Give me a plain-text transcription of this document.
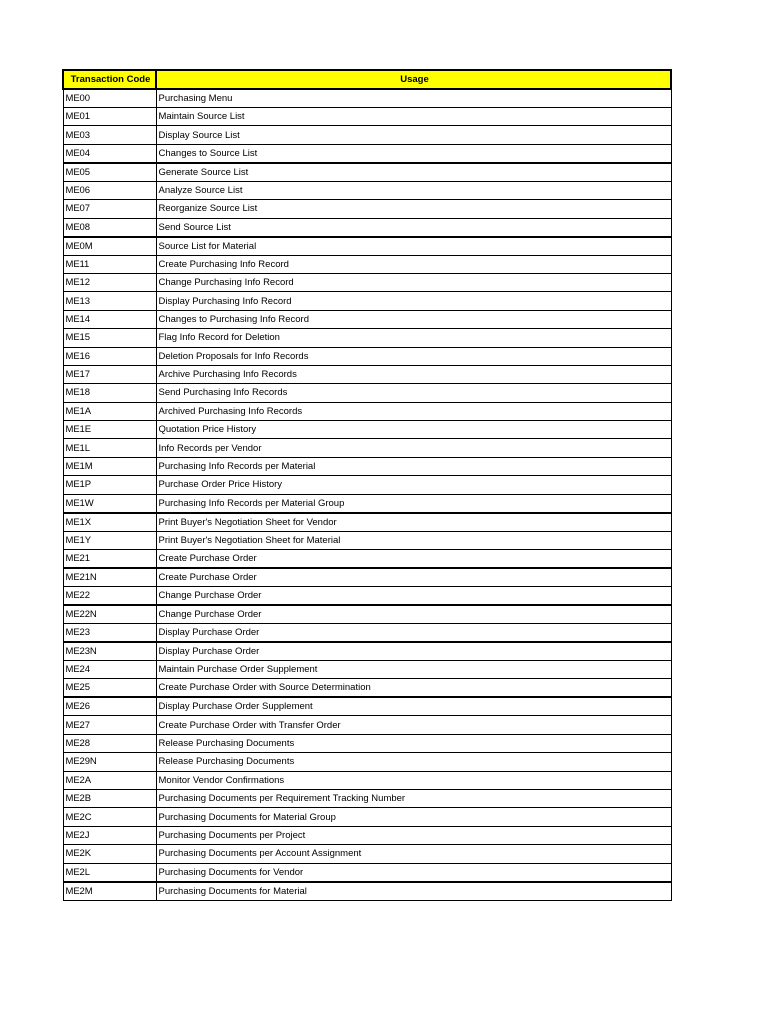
Transaction Code	Usage
ME00	Purchasing Menu
ME01	Maintain Source List
ME03	Display Source List
ME04	Changes to Source List
ME05	Generate Source List
ME06	Analyze Source List
ME07	Reorganize Source List
ME08	Send Source List
ME0M	Source List for Material
ME11	Create Purchasing Info Record
ME12	Change Purchasing Info Record
ME13	Display Purchasing Info Record
ME14	Changes to Purchasing Info Record
ME15	Flag Info Record for Deletion
ME16	Deletion Proposals for Info Records
ME17	Archive Purchasing Info Records
ME18	Send Purchasing Info Records
ME1A	Archived Purchasing Info Records
ME1E	Quotation Price History
ME1L	Info Records per Vendor
ME1M	Purchasing Info Records per Material
ME1P	Purchase Order Price History
ME1W	Purchasing Info Records per Material Group
ME1X	Print Buyer's Negotiation Sheet for Vendor
ME1Y	Print Buyer's Negotiation Sheet for Material
ME21	Create Purchase Order
ME21N	Create Purchase Order
ME22	Change Purchase Order
ME22N	Change Purchase Order
ME23	Display Purchase Order
ME23N	Display Purchase Order
ME24	Maintain Purchase Order Supplement
ME25	Create Purchase Order with Source Determination
ME26	Display Purchase Order Supplement
ME27	Create Purchase Order with Transfer Order
ME28	Release Purchasing Documents
ME29N	Release Purchasing Documents
ME2A	Monitor Vendor Confirmations
ME2B	Purchasing Documents per Requirement Tracking Number
ME2C	Purchasing Documents for Material Group
ME2J	Purchasing Documents per Project
ME2K	Purchasing Documents per Account Assignment
ME2L	Purchasing Documents for Vendor
ME2M	Purchasing Documents for Material
